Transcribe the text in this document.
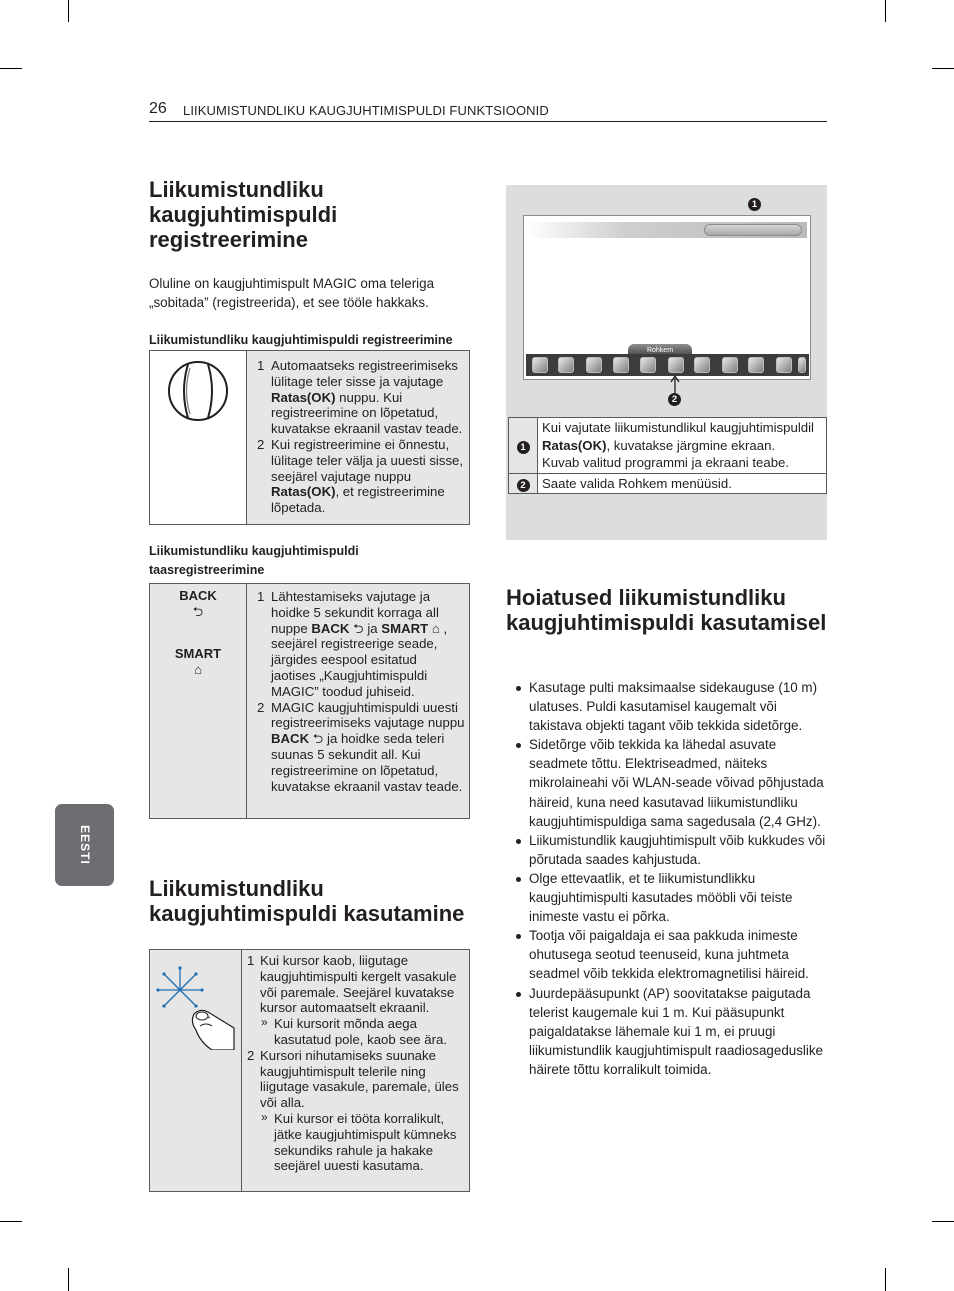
26 LIIKUMISTUNDLIKU KAUGJUHTIMISPULDI FUNKTSIOONID
EESTI
Liikumistundliku kaugjuhtimispuldi registreerimine
Oluline on kaugjuhtimispult MAGIC oma teleriga „sobitada” (registreerida), et see tööle hakkaks.
Liikumistundliku kaugjuhtimispuldi registreerimine

1 Automaatseks registreerimiseks lülitage teler sisse ja vajutage Ratas(OK) nuppu. Kui registreerimine on lõpetatud, kuvatakse ekraanil vastav teade.
2 Kui registreerimine ei õnnestu, lülitage teler välja ja uuesti sisse, seejärel vajutage nuppu Ratas(OK), et registreerimine lõpetada.
Liikumistundliku kaugjuhtimispuldi taasregistreerimine
BACK
⮌
SMART
⌂

1 Lähtestamiseks vajutage ja hoidke 5 sekundit korraga all nuppe BACK ⮌ ja SMART ⌂ , seejärel registreerige seade, järgides eespool esitatud jaotises „Kaugjuhtimispuldi MAGIC” toodud juhiseid.
2 MAGIC kaugjuhtimispuldi uuesti registreerimiseks vajutage nuppu BACK ⮌ ja hoidke seda teleri suunas 5 sekundit all. Kui registreerimine on lõpetatud, kuvatakse ekraanil vastav teade.
Liikumistundliku kaugjuhtimispuldi kasutamine

1 Kui kursor kaob, liigutage kaugjuhtimispulti kergelt vasakule või paremale. Seejärel kuvatakse kursor automaatselt ekraanil.
» Kui kursorit mõnda aega kasutatud pole, kaob see ära.
2 Kursori nihutamiseks suunake kaugjuhtimispult telerile ning liigutage vasakule, paremale, üles või alla.
» Kui kursor ei tööta korralikult, jätke kaugjuhtimispult kümneks sekundiks rahule ja hakake seejärel uuesti kasutama.
1
Rohkem
2
1	Kui vajutate liikumistundlikul kaugjuhtimispuldil Ratas(OK), kuvatakse järgmine ekraan.
Kuvab valitud programmi ja ekraani teabe.
2	Saate valida Rohkem menüüsid.
Hoiatused liikumistundliku kaugjuhtimispuldi kasutamisel
Kasutage pulti maksimaalse sidekauguse (10 m) ulatuses. Puldi kasutamisel kaugemalt või takistava objekti tagant võib tekkida sidetõrge.
Sidetõrge võib tekkida ka lähedal asuvate seadmete tõttu. Elektriseadmed, näiteks mikrolaineahi või WLAN-seade võivad põhjustada häireid, kuna need kasutavad liikumistundliku kaugjuhtimispuldiga sama sagedusala (2,4 GHz).
Liikumistundlik kaugjuhtimispult võib kukkudes või põrutada saades kahjustuda.
Olge ettevaatlik, et te liikumistundlikku kaugjuhtimispulti kasutades mööbli või teiste inimeste vastu ei põrka.
Tootja või paigaldaja ei saa pakkuda inimeste ohutusega seotud teenuseid, kuna juhtmeta seadmel võib tekkida elektromagnetilisi häireid.
Juurdepääsupunkt (AP) soovitatakse paigutada telerist kaugemale kui 1 m. Kui pääsupunkt paigaldatakse lähemale kui 1 m, ei pruugi liikumistundlik kaugjuhtimispult raadiosageduslike häirete tõttu korralikult toimida.
